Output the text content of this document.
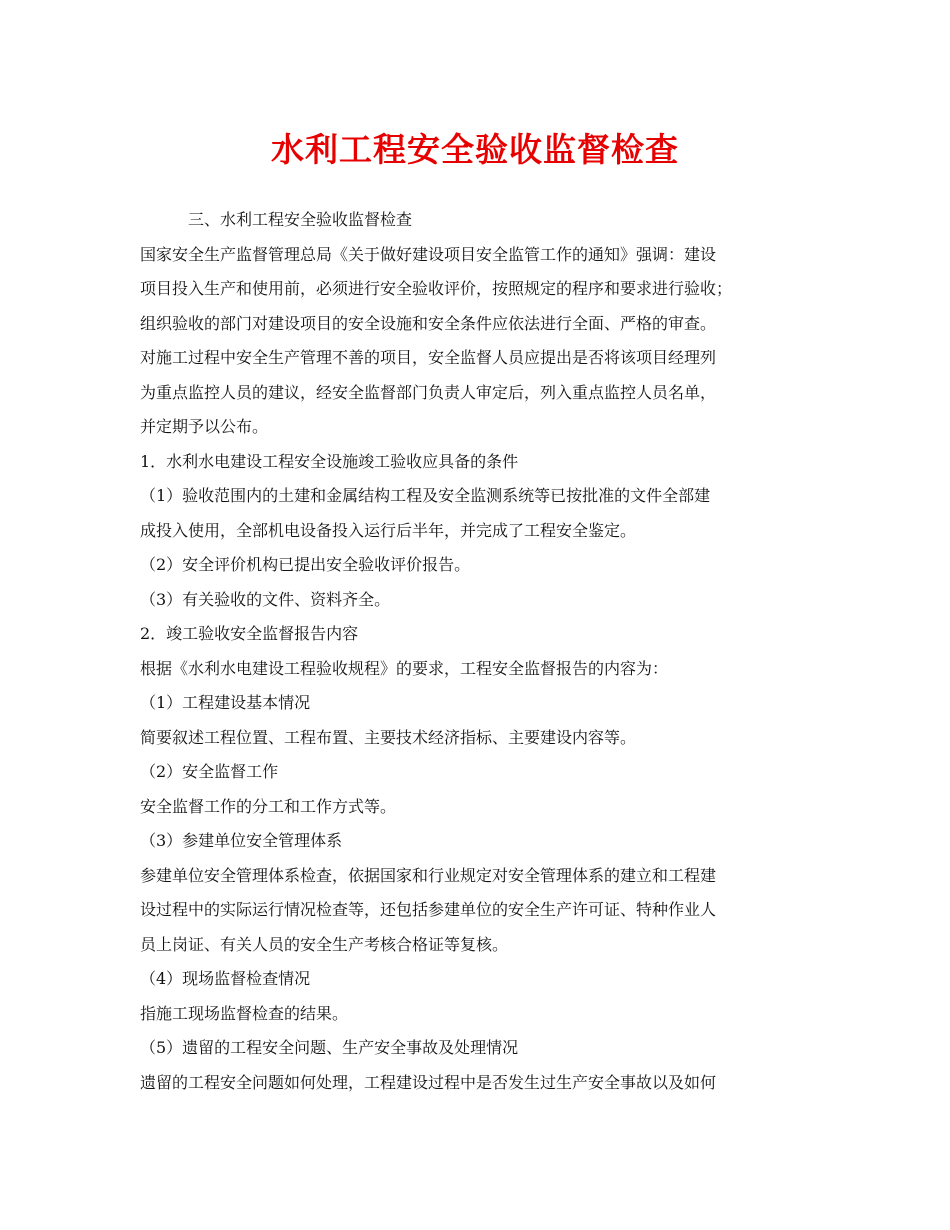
水利工程安全验收监督检查
三、水利工程安全验收监督检查
国家安全生产监督管理总局《关于做好建设项目安全监管工作的通知》强调：建设
项目投入生产和使用前，必须进行安全验收评价，按照规定的程序和要求进行验收；
组织验收的部门对建设项目的安全设施和安全条件应依法进行全面、严格的审查。
对施工过程中安全生产管理不善的项目，安全监督人员应提出是否将该项目经理列
为重点监控人员的建议，经安全监督部门负责人审定后，列入重点监控人员名单，
并定期予以公布。
1．水利水电建设工程安全设施竣工验收应具备的条件
（1）验收范围内的土建和金属结构工程及安全监测系统等已按批准的文件全部建
成投入使用，全部机电设备投入运行后半年，并完成了工程安全鉴定。
（2）安全评价机构已提出安全验收评价报告。
（3）有关验收的文件、资料齐全。
2．竣工验收安全监督报告内容
根据《水利水电建设工程验收规程》的要求，工程安全监督报告的内容为：
（1）工程建设基本情况
简要叙述工程位置、工程布置、主要技术经济指标、主要建设内容等。
（2）安全监督工作
安全监督工作的分工和工作方式等。
（3）参建单位安全管理体系
参建单位安全管理体系检查，依据国家和行业规定对安全管理体系的建立和工程建
设过程中的实际运行情况检查等，还包括参建单位的安全生产许可证、特种作业人
员上岗证、有关人员的安全生产考核合格证等复核。
（4）现场监督检查情况
指施工现场监督检查的结果。
（5）遗留的工程安全问题、生产安全事故及处理情况
遗留的工程安全问题如何处理，工程建设过程中是否发生过生产安全事故以及如何
